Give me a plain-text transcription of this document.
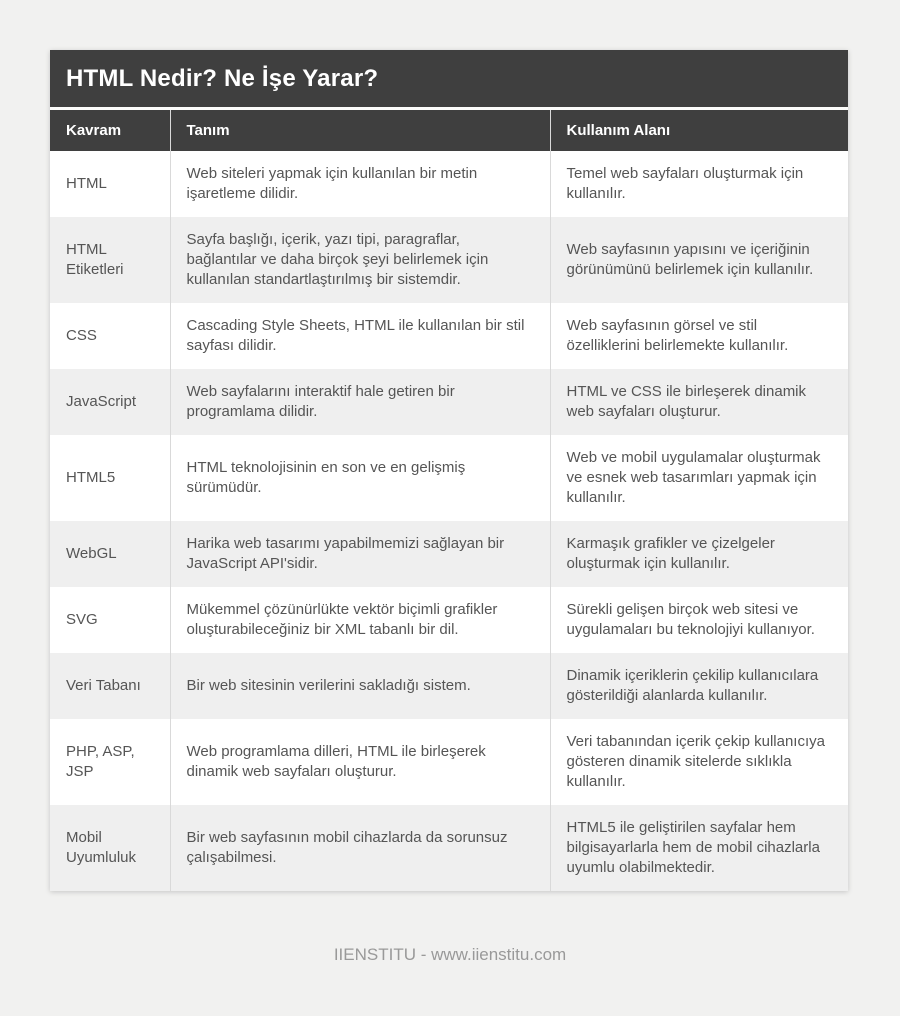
HTML Nedir? Ne İşe Yarar?
Kavram	Tanım	Kullanım Alanı
HTML	Web siteleri yapmak için kullanılan bir metin işaretleme dilidir.	Temel web sayfaları oluşturmak için kullanılır.
HTML Etiketleri	Sayfa başlığı, içerik, yazı tipi, paragraflar, bağlantılar ve daha birçok şeyi belirlemek için kullanılan standartlaştırılmış bir sistemdir.	Web sayfasının yapısını ve içeriğinin görünümünü belirlemek için kullanılır.
CSS	Cascading Style Sheets, HTML ile kullanılan bir stil sayfası dilidir.	Web sayfasının görsel ve stil özelliklerini belirlemekte kullanılır.
JavaScript	Web sayfalarını interaktif hale getiren bir programlama dilidir.	HTML ve CSS ile birleşerek dinamik web sayfaları oluşturur.
HTML5	HTML teknolojisinin en son ve en gelişmiş sürümüdür.	Web ve mobil uygulamalar oluşturmak ve esnek web tasarımları yapmak için kullanılır.
WebGL	Harika web tasarımı yapabilmemizi sağlayan bir JavaScript API'sidir.	Karmaşık grafikler ve çizelgeler oluşturmak için kullanılır.
SVG	Mükemmel çözünürlükte vektör biçimli grafikler oluşturabileceğiniz bir XML tabanlı bir dil.	Sürekli gelişen birçok web sitesi ve uygulamaları bu teknolojiyi kullanıyor.
Veri Tabanı	Bir web sitesinin verilerini sakladığı sistem.	Dinamik içeriklerin çekilip kullanıcılara gösterildiği alanlarda kullanılır.
PHP, ASP, JSP	Web programlama dilleri, HTML ile birleşerek dinamik web sayfaları oluşturur.	Veri tabanından içerik çekip kullanıcıya gösteren dinamik sitelerde sıklıkla kullanılır.
Mobil Uyumluluk	Bir web sayfasının mobil cihazlarda da sorunsuz çalışabilmesi.	HTML5 ile geliştirilen sayfalar hem bilgisayarlarla hem de mobil cihazlarla uyumlu olabilmektedir.
IIENSTITU - www.iienstitu.com
